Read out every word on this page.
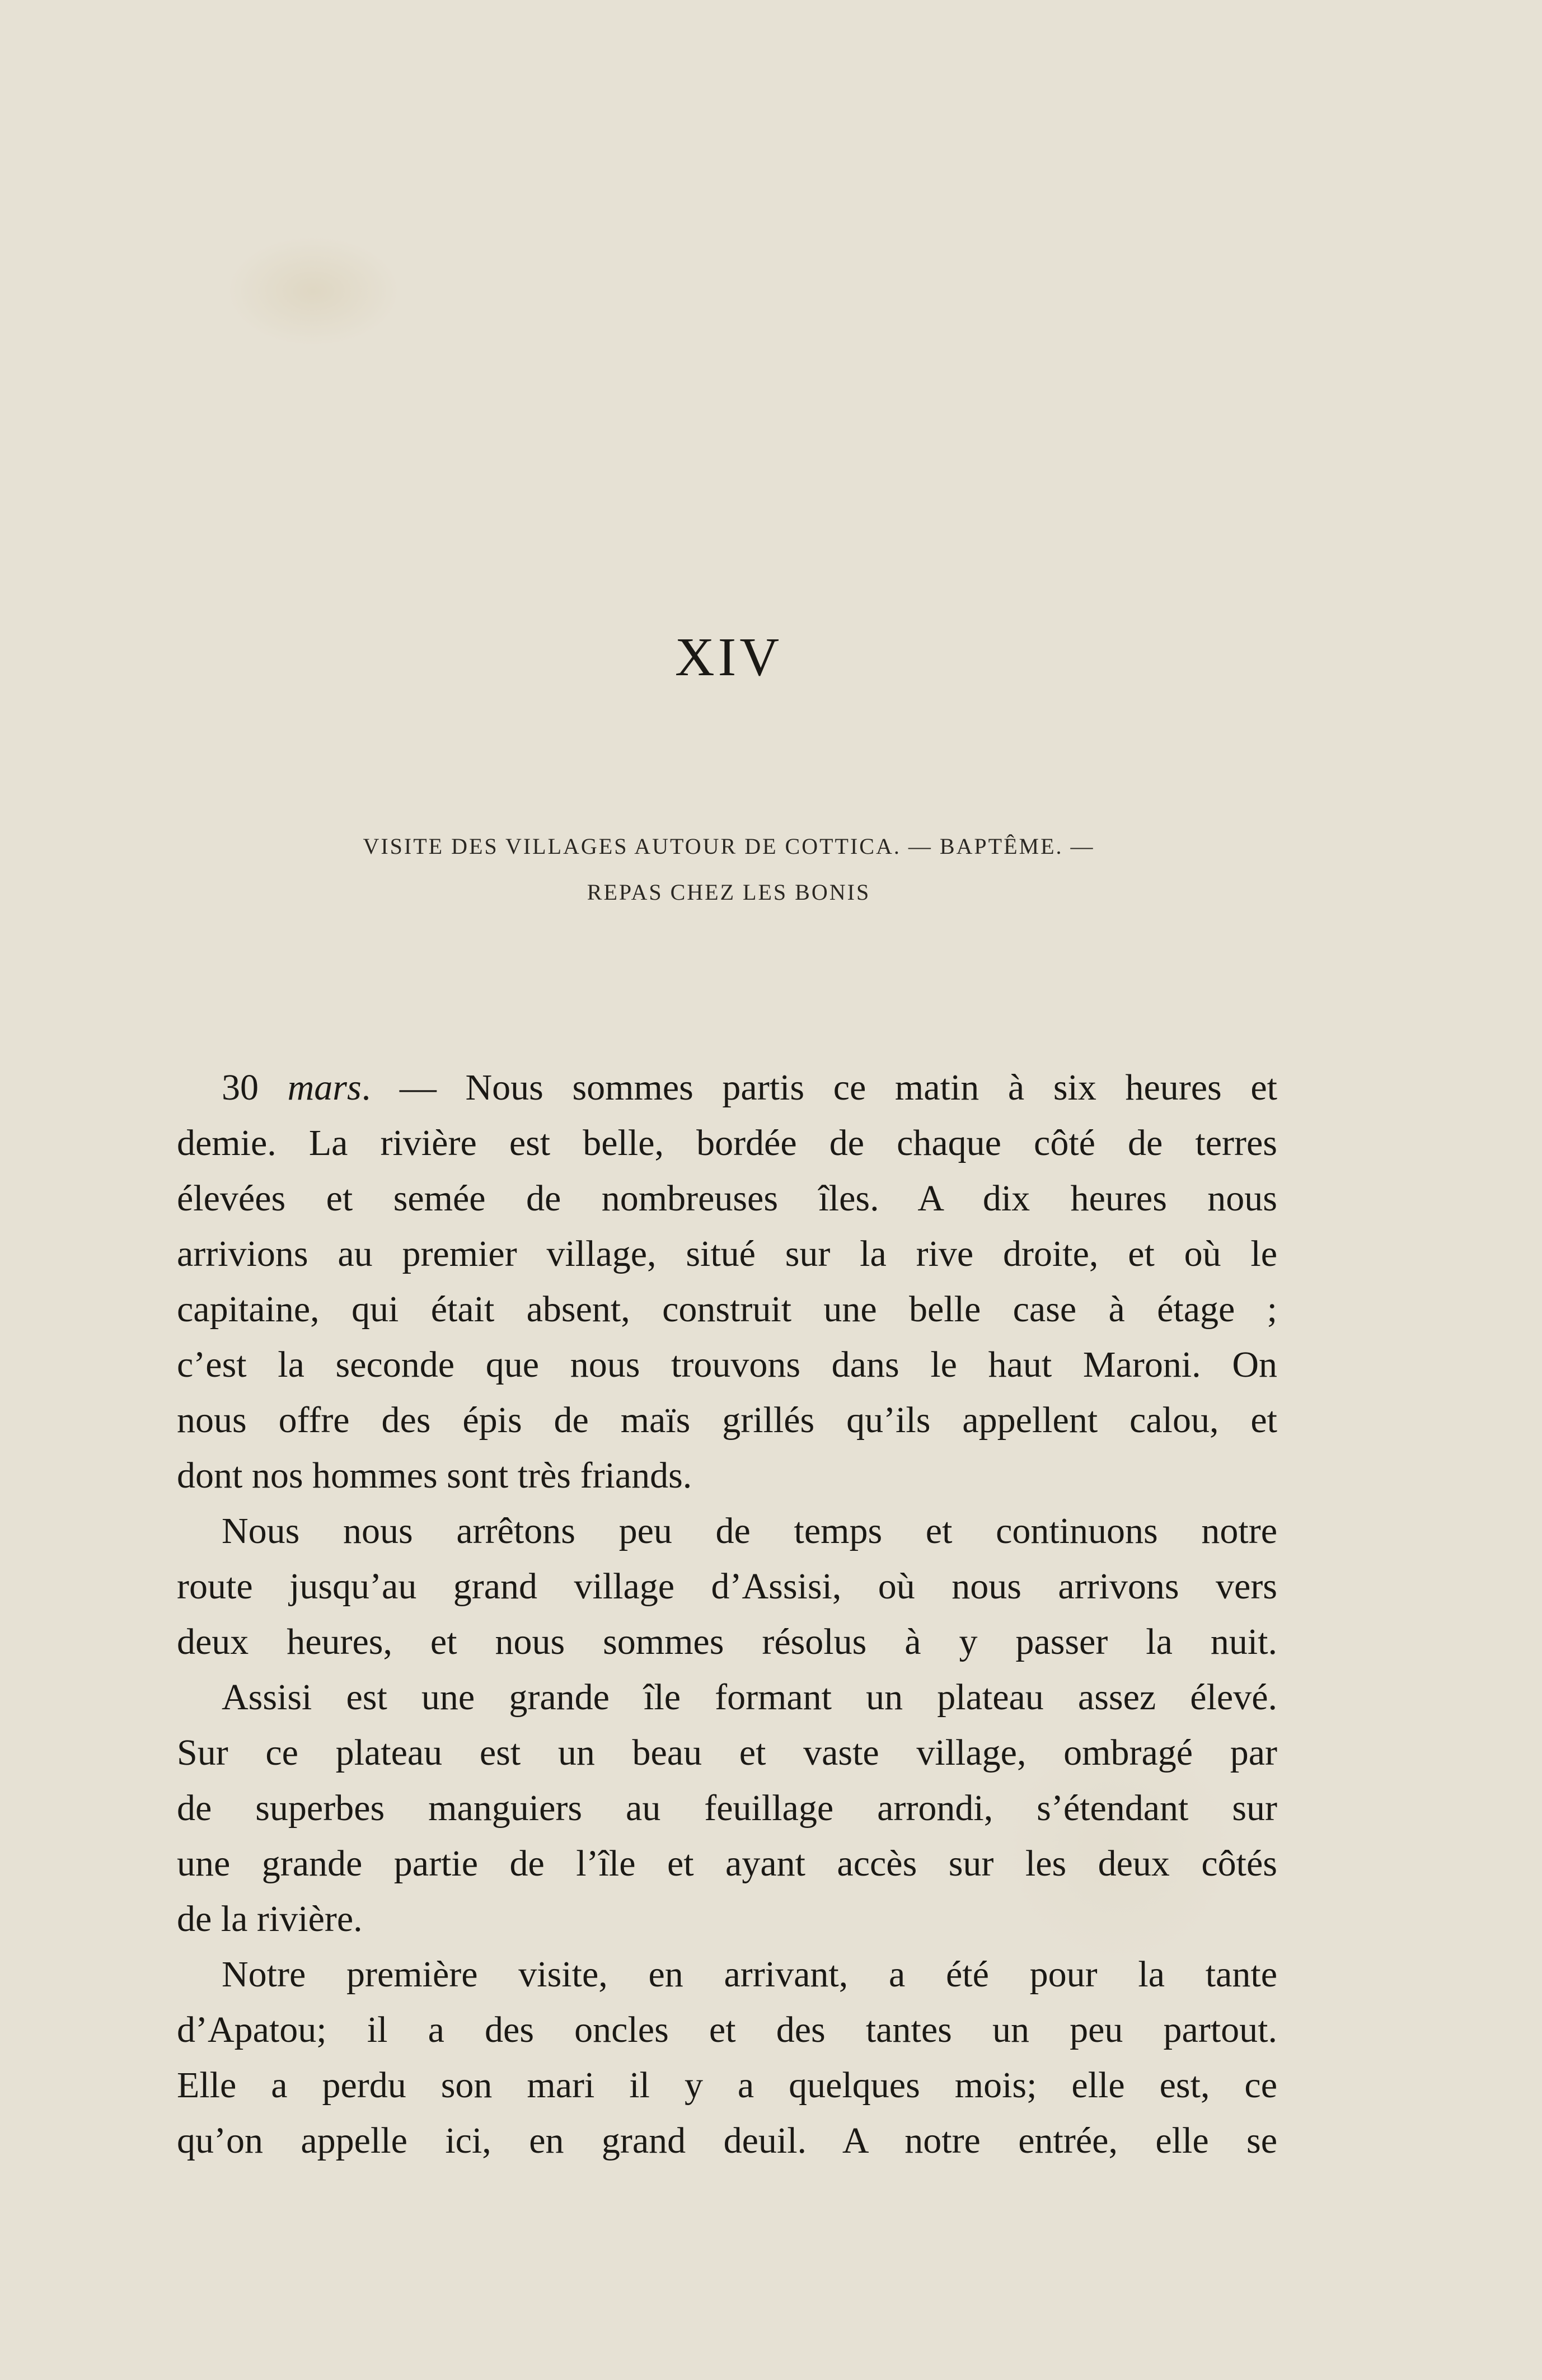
XIV
VISITE DES VILLAGES AUTOUR DE COTTICA. — BAPTÊME. —
REPAS CHEZ LES BONIS
30 mars. — Nous sommes partis ce matin à six heures et
demie. La rivière est belle, bordée de chaque côté de terres
élevées et semée de nombreuses îles. A dix heures nous
arrivions au premier village, situé sur la rive droite, et où le
capitaine, qui était absent, construit une belle case à étage ;
c’est la seconde que nous trouvons dans le haut Maroni. On
nous offre des épis de maïs grillés qu’ils appellent calou, et
dont nos hommes sont très friands.
Nous nous arrêtons peu de temps et continuons notre
route jusqu’au grand village d’Assisi, où nous arrivons vers
deux heures, et nous sommes résolus à y passer la nuit.
Assisi est une grande île formant un plateau assez élevé.
Sur ce plateau est un beau et vaste village, ombragé par
de superbes manguiers au feuillage arrondi, s’étendant sur
une grande partie de l’île et ayant accès sur les deux côtés
de la rivière.
Notre première visite, en arrivant, a été pour la tante
d’Apatou; il a des oncles et des tantes un peu partout.
Elle a perdu son mari il y a quelques mois; elle est, ce
qu’on appelle ici, en grand deuil. A notre entrée, elle se
